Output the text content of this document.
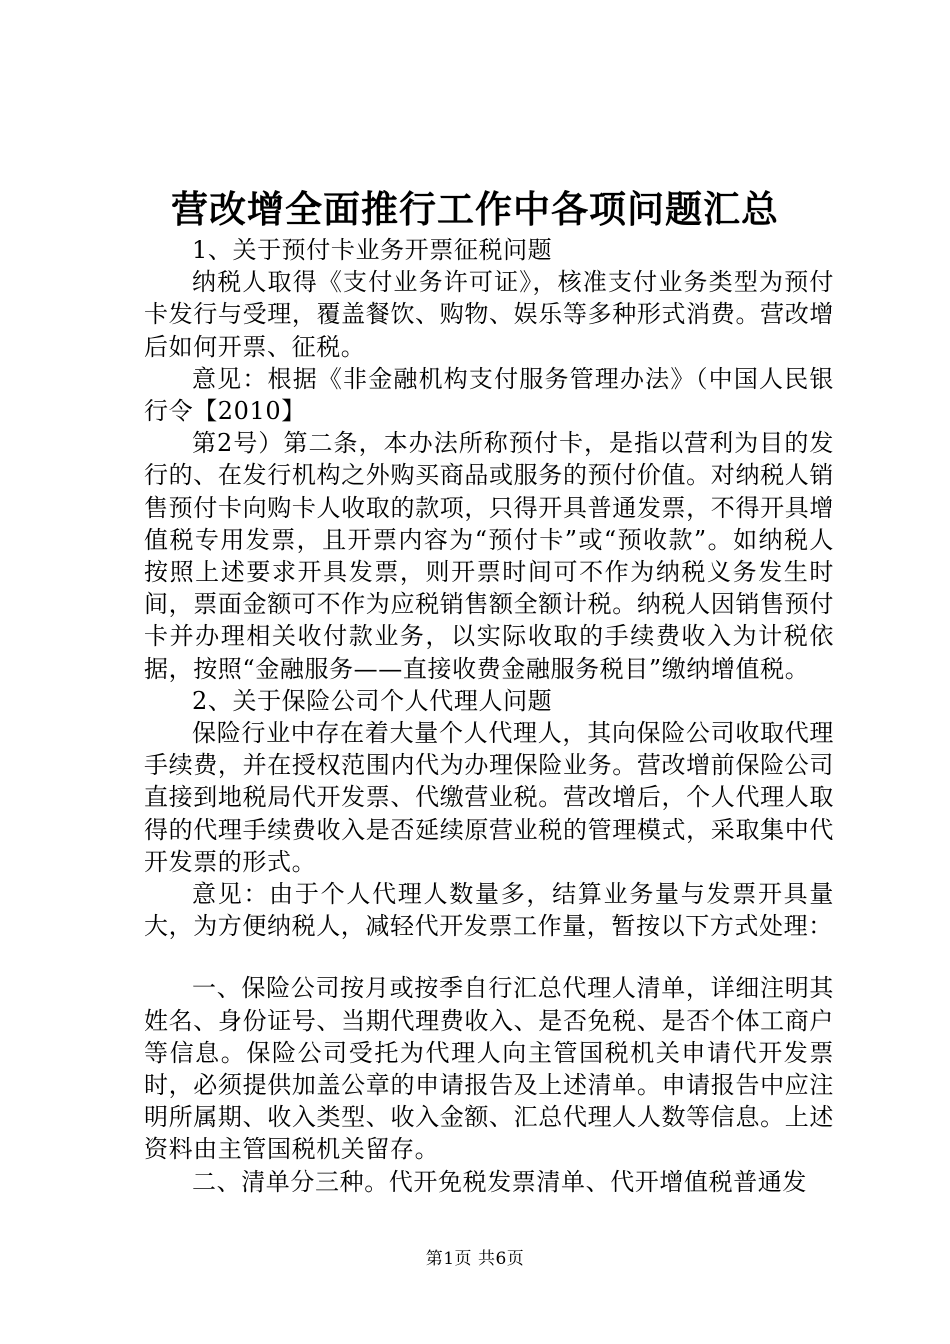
营改增全面推行工作中各项问题汇总

1、关于预付卡业务开票征税问题

纳税人取得《支付业务许可证》，核准支付业务类型为预付卡发行与受理，覆盖餐饮、购物、娱乐等多种形式消费。营改增后如何开票、征税。

意见：根据《非金融机构支付服务管理办法》（中国人民银行令【2010】

第2号）第二条，本办法所称预付卡，是指以营利为目的发行的、在发行机构之外购买商品或服务的预付价值。对纳税人销售预付卡向购卡人收取的款项，只得开具普通发票，不得开具增值税专用发票，且开票内容为“预付卡”或“预收款”。如纳税人按照上述要求开具发票，则开票时间可不作为纳税义务发生时间，票面金额可不作为应税销售额全额计税。纳税人因销售预付卡并办理相关收付款业务，以实际收取的手续费收入为计税依据，按照“金融服务——直接收费金融服务税目”缴纳增值税。

2、关于保险公司个人代理人问题

保险行业中存在着大量个人代理人，其向保险公司收取代理手续费，并在授权范围内代为办理保险业务。营改增前保险公司直接到地税局代开发票、代缴营业税。营改增后，个人代理人取得的代理手续费收入是否延续原营业税的管理模式，采取集中代开发票的形式。

意见：由于个人代理人数量多，结算业务量与发票开具量大，为方便纳税人，减轻代开发票工作量，暂按以下方式处理：

一、保险公司按月或按季自行汇总代理人清单，详细注明其姓名、身份证号、当期代理费收入、是否免税、是否个体工商户等信息。保险公司受托为代理人向主管国税机关申请代开发票时，必须提供加盖公章的申请报告及上述清单。申请报告中应注明所属期、收入类型、收入金额、汇总代理人人数等信息。上述资料由主管国税机关留存。

二、清单分三种。代开免税发票清单、代开增值税普通发

第1页 共6页
